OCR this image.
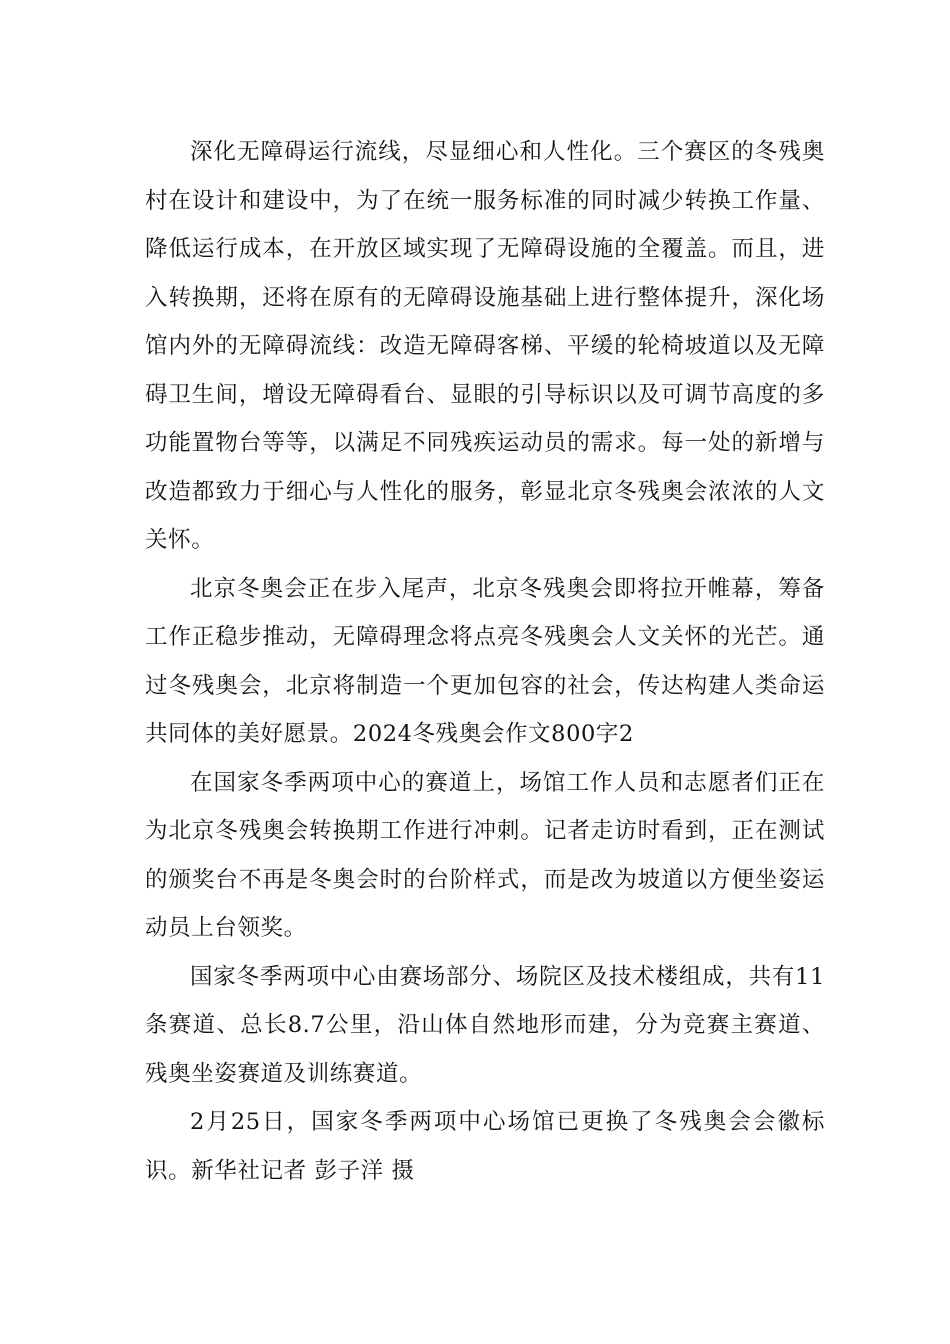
深化无障碍运行流线，尽显细心和人性化。三个赛区的冬残奥村在设计和建设中，为了在统一服务标准的同时减少转换工作量、降低运行成本，在开放区域实现了无障碍设施的全覆盖。而且，进入转换期，还将在原有的无障碍设施基础上进行整体提升，深化场馆内外的无障碍流线：改造无障碍客梯、平缓的轮椅坡道以及无障碍卫生间，增设无障碍看台、显眼的引导标识以及可调节高度的多功能置物台等等，以满足不同残疾运动员的需求。每一处的新增与改造都致力于细心与人性化的服务，彰显北京冬残奥会浓浓的人文关怀。

北京冬奥会正在步入尾声，北京冬残奥会即将拉开帷幕，筹备工作正稳步推动，无障碍理念将点亮冬残奥会人文关怀的光芒。通过冬残奥会，北京将制造一个更加包容的社会，传达构建人类命运共同体的美好愿景。2024冬残奥会作文800字2

在国家冬季两项中心的赛道上，场馆工作人员和志愿者们正在为北京冬残奥会转换期工作进行冲刺。记者走访时看到，正在测试的颁奖台不再是冬奥会时的台阶样式，而是改为坡道以方便坐姿运动员上台领奖。

国家冬季两项中心由赛场部分、场院区及技术楼组成，共有11条赛道、总长8.7公里，沿山体自然地形而建，分为竞赛主赛道、残奥坐姿赛道及训练赛道。

2月25日，国家冬季两项中心场馆已更换了冬残奥会会徽标识。新华社记者 彭子洋 摄
